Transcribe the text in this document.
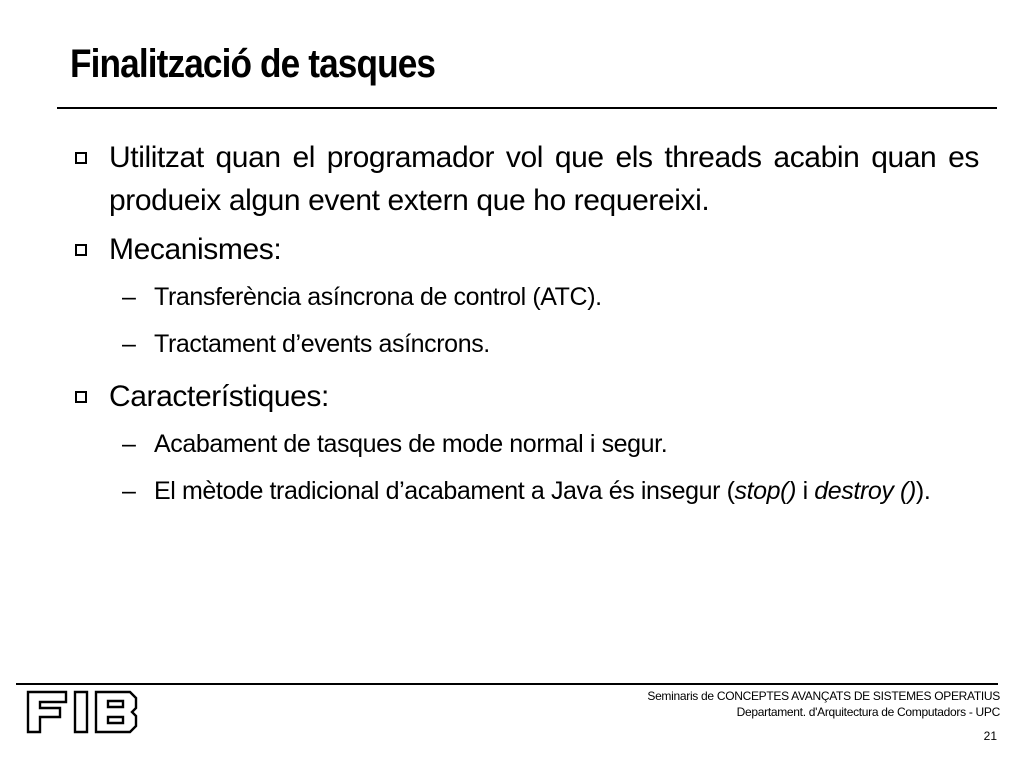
Finalització de tasques
Utilitzat quan el programador vol que els threads acabin quan es produeix algun event extern que ho requereixi.
Mecanismes:
– Transferència asíncrona de control (ATC).
– Tractament d’events asíncrons.
Característiques:
– Acabament de tasques de mode normal i segur.
– El mètode tradicional d’acabament a Java és insegur (stop() i destroy ()).
Seminaris de CONCEPTES AVANÇATS DE SISTEMES OPERATIUS
Departament. d'Arquitectura de Computadors - UPC
21
